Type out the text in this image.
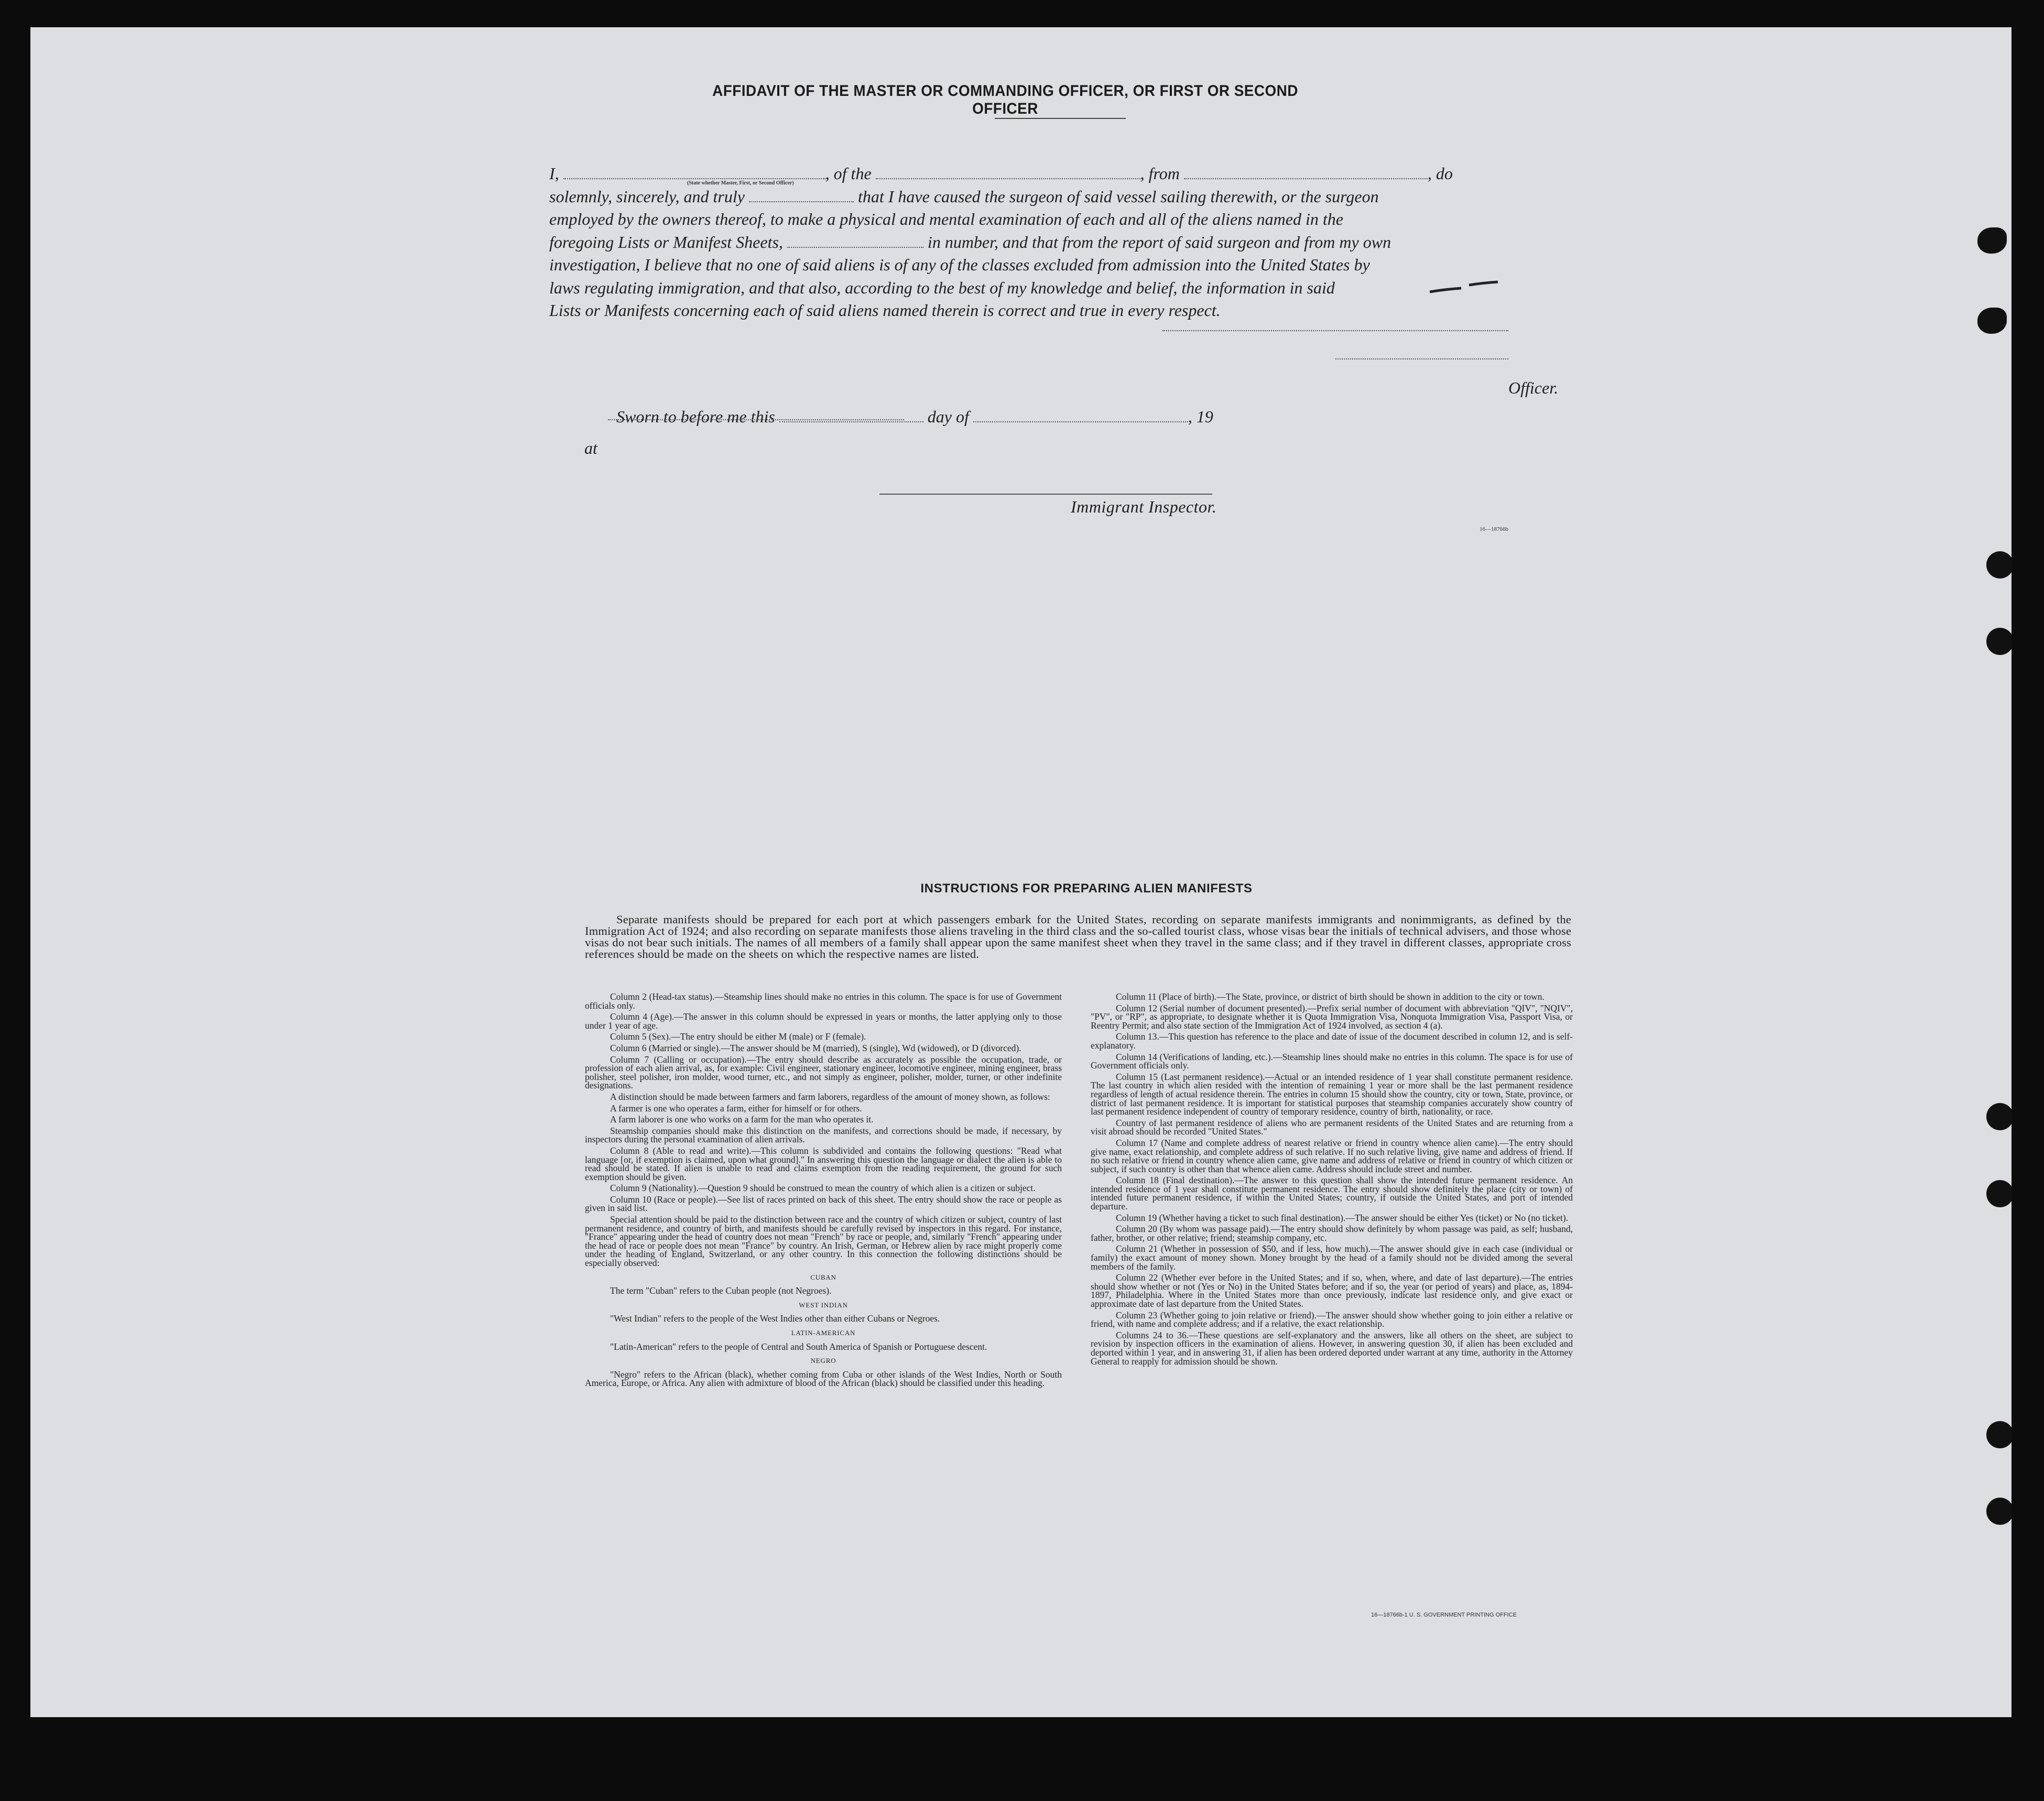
AFFIDAVIT OF THE MASTER OR COMMANDING OFFICER, OR FIRST OR SECOND OFFICER
(State whether Master, First, or Second Officer)
I,	, of the	, from	, do
solemnly, sincerely, and truly	that I have caused the surgeon of said vessel sailing therewith, or the surgeon
employed by the owners thereof, to make a physical and mental examination of each and all of the aliens named in the
foregoing Lists or Manifest Sheets,	in number, and that from the report of said surgeon and from my own
investigation, I believe that no one of said aliens is of any of the classes excluded from admission into the United States by
laws regulating immigration, and that also, according to the best of my knowledge and belief, the information in said
Lists or Manifests concerning each of said aliens named therein is correct and true in every respect.
Officer.
Sworn to before me this	day of	, 19
at
Immigrant Inspector.
16—18766b
INSTRUCTIONS FOR PREPARING ALIEN MANIFESTS
Separate manifests should be prepared for each port at which passengers embark for the United States, recording on separate manifests immigrants and nonimmigrants, as defined by the Immigration Act of 1924; and also recording on separate manifests those aliens traveling in the third class and the so-called tourist class, whose visas bear the initials of technical advisers, and those whose visas do not bear such initials. The names of all members of a family shall appear upon the same manifest sheet when they travel in the same class; and if they travel in different classes, appropriate cross references should be made on the sheets on which the respective names are listed.

Column 2 (Head-tax status).—Steamship lines should make no entries in this column. The space is for use of Government officials only.

Column 4 (Age).—The answer in this column should be expressed in years or months, the latter applying only to those under 1 year of age.

Column 5 (Sex).—The entry should be either M (male) or F (female).

Column 6 (Married or single).—The answer should be M (married), S (single), Wd (widowed), or D (divorced).

Column 7 (Calling or occupation).—The entry should describe as accurately as possible the occupation, trade, or profession of each alien arrival, as, for example: Civil engineer, stationary engineer, locomotive engineer, mining engineer, brass polisher, steel polisher, iron molder, wood turner, etc., and not simply as engineer, polisher, molder, turner, or other indefinite designations.

A distinction should be made between farmers and farm laborers, regardless of the amount of money shown, as follows:

A farmer is one who operates a farm, either for himself or for others.

A farm laborer is one who works on a farm for the man who operates it.

Steamship companies should make this distinction on the manifests, and corrections should be made, if necessary, by inspectors during the personal examination of alien arrivals.

Column 8 (Able to read and write).—This column is subdivided and contains the following questions: "Read what language [or, if exemption is claimed, upon what ground]." In answering this question the language or dialect the alien is able to read should be stated. If alien is unable to read and claims exemption from the reading requirement, the ground for such exemption should be given.

Column 9 (Nationality).—Question 9 should be construed to mean the country of which alien is a citizen or subject.

Column 10 (Race or people).—See list of races printed on back of this sheet. The entry should show the race or people as given in said list.

Special attention should be paid to the distinction between race and the country of which citizen or subject, country of last permanent residence, and country of birth, and manifests should be carefully revised by inspectors in this regard. For instance, "France" appearing under the head of country does not mean "French" by race or people, and, similarly "French" appearing under the head of race or people does not mean "France" by country. An Irish, German, or Hebrew alien by race might properly come under the heading of England, Switzerland, or any other country. In this connection the following distinctions should be especially observed:

CUBAN

The term "Cuban" refers to the Cuban people (not Negroes).

WEST INDIAN

"West Indian" refers to the people of the West Indies other than either Cubans or Negroes.

LATIN-AMERICAN

"Latin-American" refers to the people of Central and South America of Spanish or Portuguese descent.

NEGRO

"Negro" refers to the African (black), whether coming from Cuba or other islands of the West Indies, North or South America, Europe, or Africa. Any alien with admixture of blood of the African (black) should be classified under this heading.

Column 11 (Place of birth).—The State, province, or district of birth should be shown in addition to the city or town.

Column 12 (Serial number of document presented).—Prefix serial number of document with abbreviation "QIV", "NQIV", "PV", or "RP", as appropriate, to designate whether it is Quota Immigration Visa, Nonquota Immigration Visa, Passport Visa, or Reentry Permit; and also state section of the Immigration Act of 1924 involved, as section 4 (a).

Column 13.—This question has reference to the place and date of issue of the document described in column 12, and is self-explanatory.

Column 14 (Verifications of landing, etc.).—Steamship lines should make no entries in this column. The space is for use of Government officials only.

Column 15 (Last permanent residence).—Actual or an intended residence of 1 year shall constitute permanent residence. The last country in which alien resided with the intention of remaining 1 year or more shall be the last permanent residence regardless of length of actual residence therein. The entries in column 15 should show the country, city or town, State, province, or district of last permanent residence. It is important for statistical purposes that steamship companies accurately show country of last permanent residence independent of country of temporary residence, country of birth, nationality, or race.

Country of last permanent residence of aliens who are permanent residents of the United States and are returning from a visit abroad should be recorded "United States."

Column 17 (Name and complete address of nearest relative or friend in country whence alien came).—The entry should give name, exact relationship, and complete address of such relative. If no such relative living, give name and address of friend. If no such relative or friend in country whence alien came, give name and address of relative or friend in country of which citizen or subject, if such country is other than that whence alien came. Address should include street and number.

Column 18 (Final destination).—The answer to this question shall show the intended future permanent residence. An intended residence of 1 year shall constitute permanent residence. The entry should show definitely the place (city or town) of intended future permanent residence, if within the United States; country, if outside the United States, and port of intended departure.

Column 19 (Whether having a ticket to such final destination).—The answer should be either Yes (ticket) or No (no ticket).

Column 20 (By whom was passage paid).—The entry should show definitely by whom passage was paid, as self; husband, father, brother, or other relative; friend; steamship company, etc.

Column 21 (Whether in possession of $50, and if less, how much).—The answer should give in each case (individual or family) the exact amount of money shown. Money brought by the head of a family should not be divided among the several members of the family.

Column 22 (Whether ever before in the United States; and if so, when, where, and date of last departure).—The entries should show whether or not (Yes or No) in the United States before; and if so, the year (or period of years) and place, as, 1894-1897, Philadelphia. Where in the United States more than once previously, indicate last residence only, and give exact or approximate date of last departure from the United States.

Column 23 (Whether going to join relative or friend).—The answer should show whether going to join either a relative or friend, with name and complete address; and if a relative, the exact relationship.

Columns 24 to 36.—These questions are self-explanatory and the answers, like all others on the sheet, are subject to revision by inspection officers in the examination of aliens. However, in answering question 30, if alien has been excluded and deported within 1 year, and in answering 31, if alien has been ordered deported under warrant at any time, authority in the Attorney General to reapply for admission should be shown.

16—18766b-1 U. S. GOVERNMENT PRINTING OFFICE
